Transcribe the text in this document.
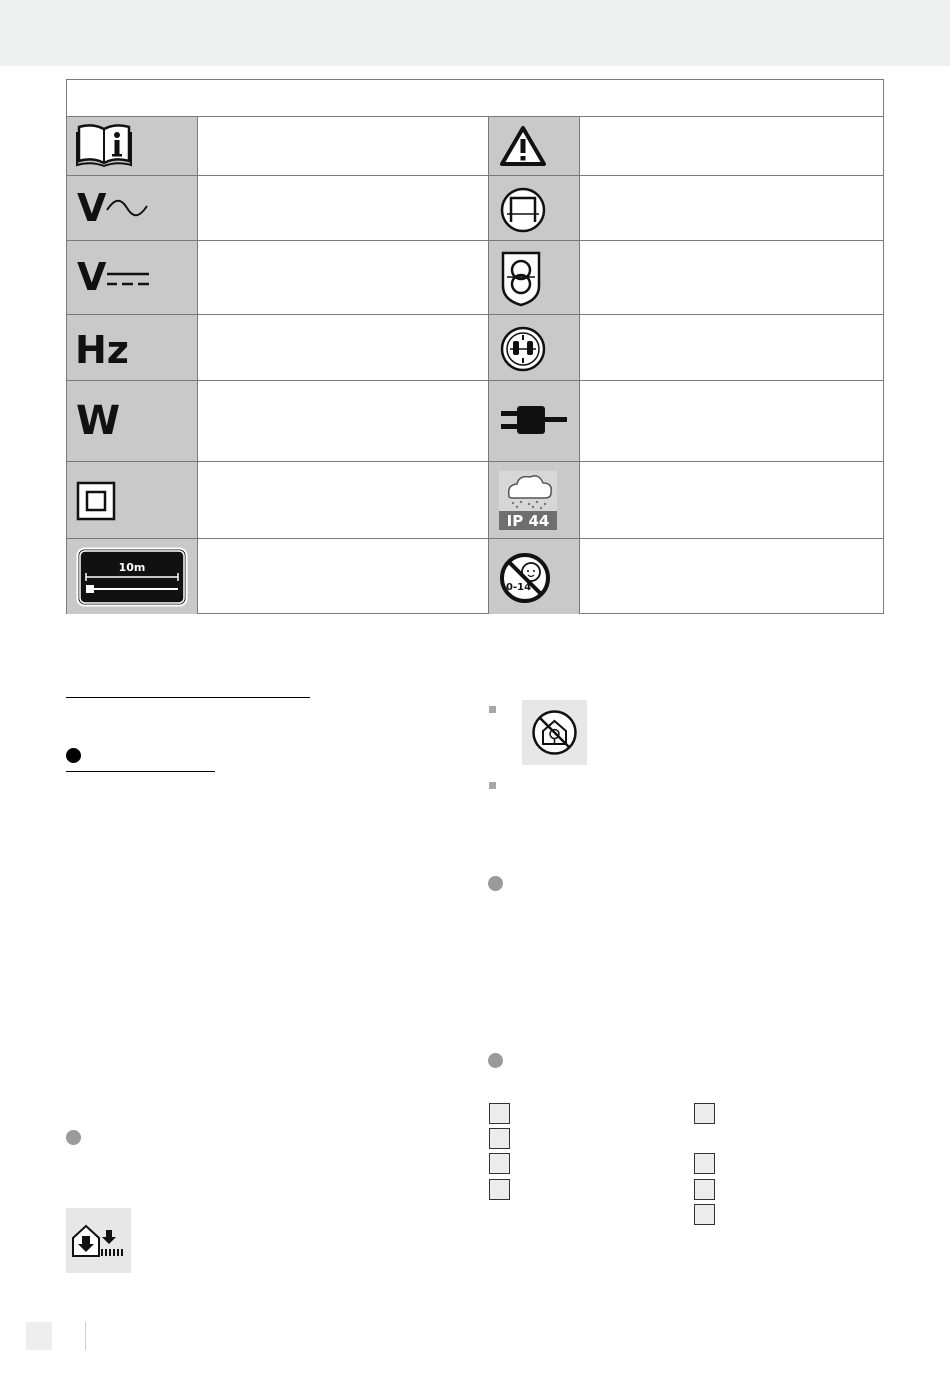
V
V
Hz
W
IP 44
10m
0-14
